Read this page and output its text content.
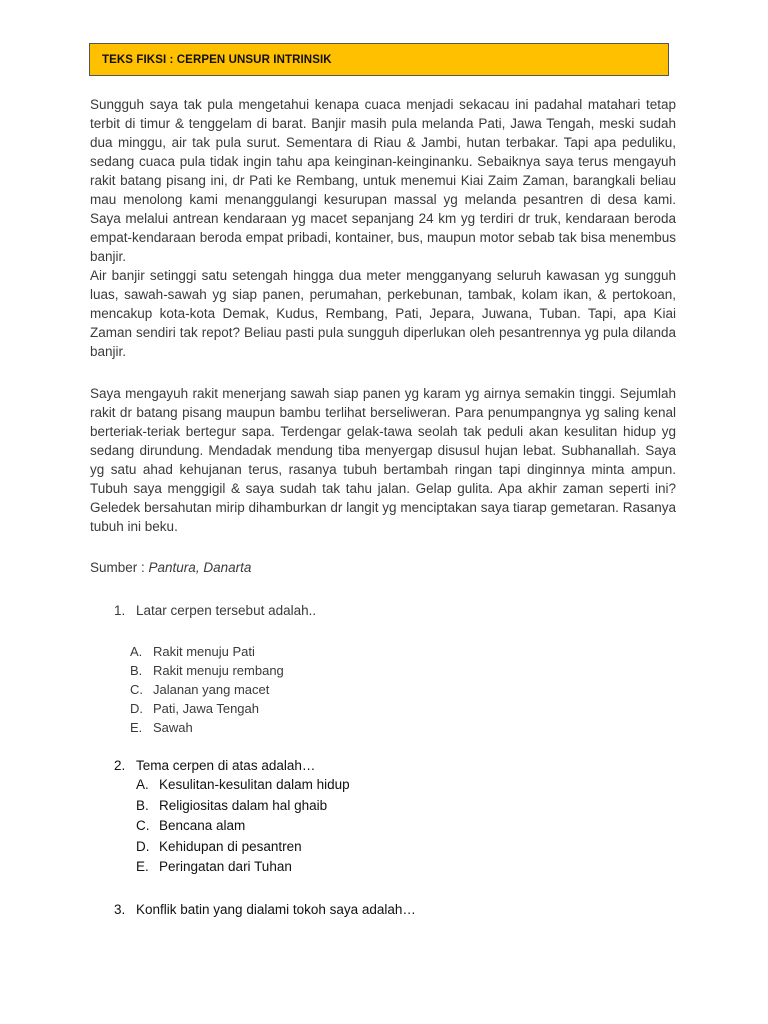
TEKS FIKSI : CERPEN UNSUR INTRINSIK

Sungguh saya tak pula mengetahui kenapa cuaca menjadi sekacau ini padahal matahari tetap terbit di timur & tenggelam di barat. Banjir masih pula melanda Pati, Jawa Tengah, meski sudah dua minggu, air tak pula surut. Sementara di Riau & Jambi, hutan terbakar. Tapi apa peduliku, sedang cuaca pula tidak ingin tahu apa keinginan-keinginanku. Sebaiknya saya terus mengayuh rakit batang pisang ini, dr Pati ke Rembang, untuk menemui Kiai Zaim Zaman, barangkali beliau mau menolong kami menanggulangi kesurupan massal yg melanda pesantren di desa kami. Saya melalui antrean kendaraan yg macet sepanjang 24 km yg terdiri dr truk, kendaraan beroda empat-kendaraan beroda empat pribadi, kontainer, bus, maupun motor sebab tak bisa menembus banjir.
Air banjir setinggi satu setengah hingga dua meter mengganyang seluruh kawasan yg sungguh luas, sawah-sawah yg siap panen, perumahan, perkebunan, tambak, kolam ikan, & pertokoan, mencakup kota-kota Demak, Kudus, Rembang, Pati, Jepara, Juwana, Tuban. Tapi, apa Kiai Zaman sendiri tak repot? Beliau pasti pula sungguh diperlukan oleh pesantrennya yg pula dilanda banjir.

Saya mengayuh rakit menerjang sawah siap panen yg karam yg airnya semakin tinggi. Sejumlah rakit dr batang pisang maupun bambu terlihat berseliweran. Para penumpangnya yg saling kenal berteriak-teriak bertegur sapa. Terdengar gelak-tawa seolah tak peduli akan kesulitan hidup yg sedang dirundung. Mendadak mendung tiba menyergap disusul hujan lebat. Subhanallah. Saya yg satu ahad kehujanan terus, rasanya tubuh bertambah ringan tapi dinginnya minta ampun. Tubuh saya menggigil & saya sudah tak tahu jalan. Gelap gulita. Apa akhir zaman seperti ini? Geledek bersahutan mirip dihamburkan dr langit yg menciptakan saya tiarap gemetaran. Rasanya tubuh ini beku.

Sumber : Pantura, Danarta
1. Latar cerpen tersebut adalah..
A. Rakit menuju Pati
B. Rakit menuju rembang
C. Jalanan yang macet
D. Pati, Jawa Tengah
E. Sawah
2. Tema cerpen di atas adalah…
A. Kesulitan-kesulitan dalam hidup
B. Religiositas dalam hal ghaib
C. Bencana alam
D. Kehidupan di pesantren
E. Peringatan dari Tuhan
3. Konflik batin yang dialami tokoh saya adalah…
